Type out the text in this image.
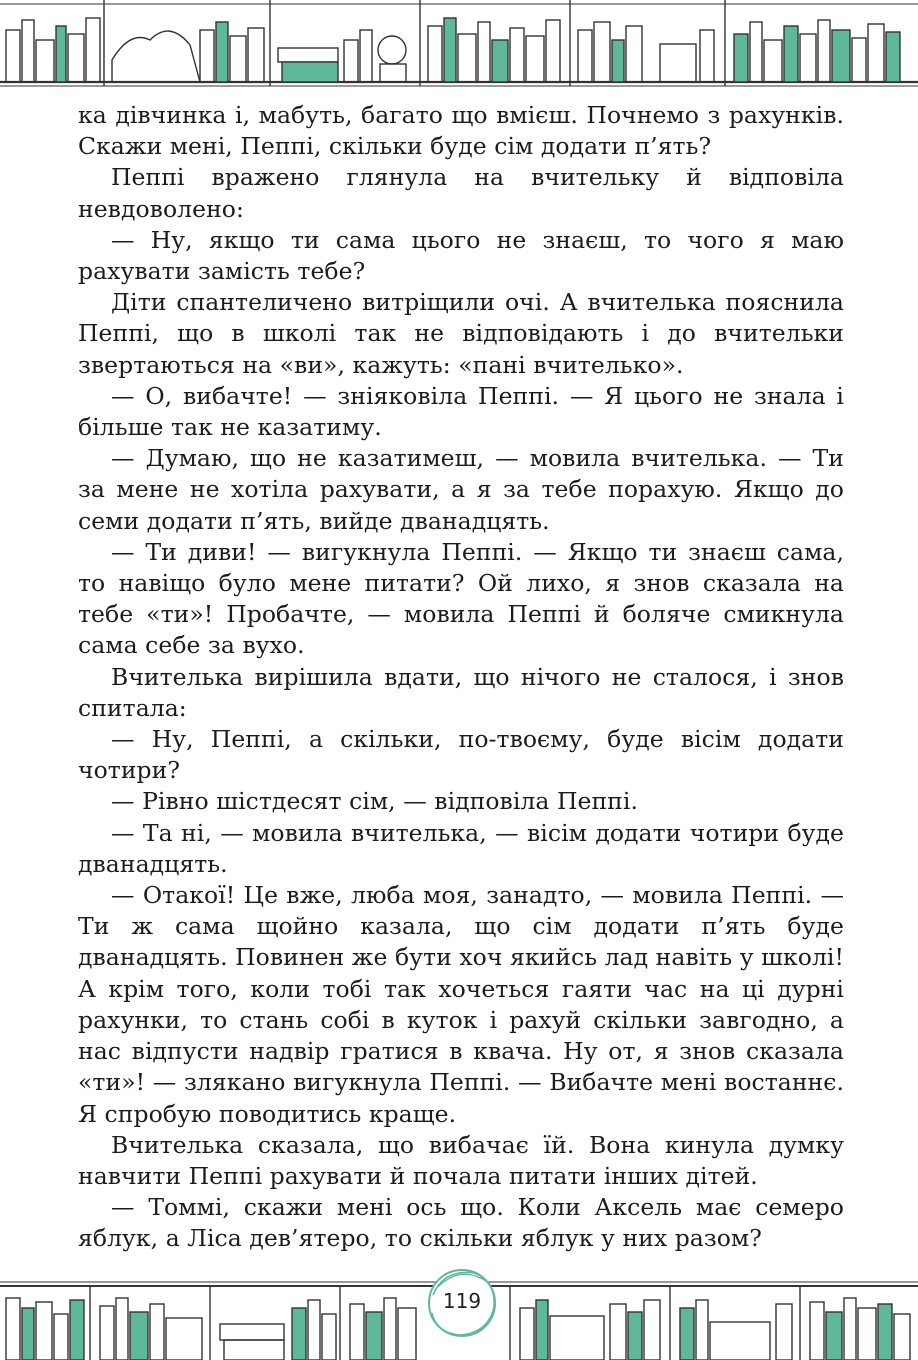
ка дівчинка і, мабуть, багато що вмієш. Почнемо з рахунків. Скажи мені, Пеппі, скільки буде сім додати п’ять?

Пеппі вражено глянула на вчительку й відповіла невдоволено:

— Ну, якщо ти сама цього не знаєш, то чого я маю рахувати замість тебе?

Діти спантеличено витріщили очі. А вчителька пояснила Пеппі, що в школі так не відповідають і до вчительки звертаються на «ви», кажуть: «пані вчителько».

— О, вибачте! — зніяковіла Пеппі. — Я цього не знала і більше так не казатиму.

— Думаю, що не казатимеш, — мовила вчителька. — Ти за мене не хотіла рахувати, а я за тебе порахую. Якщо до семи додати п’ять, вийде дванадцять.

— Ти диви! — вигукнула Пеппі. — Якщо ти знаєш сама, то навіщо було мене питати? Ой лихо, я знов сказала на тебе «ти»! Пробачте, — мовила Пеппі й боляче смикнула сама себе за вухо.

Вчителька вирішила вдати, що нічого не сталося, і знов спитала:

— Ну, Пеппі, а скільки, по-твоєму, буде вісім додати чотири?

— Рівно шістдесят сім, — відповіла Пеппі.

— Та ні, — мовила вчителька, — вісім додати чотири буде дванадцять.

— Отакої! Це вже, люба моя, занадто, — мовила Пеппі. — Ти ж сама щойно казала, що сім додати п’ять буде дванадцять. Повинен же бути хоч якийсь лад навіть у школі! А крім того, коли тобі так хочеться гаяти час на ці дурні рахунки, то стань собі в куток і рахуй скільки завгодно, а нас відпусти надвір гратися в квача. Ну от, я знов сказала «ти»! — злякано вигукнула Пеппі. — Вибачте мені востаннє. Я спробую поводитись краще.

Вчителька сказала, що вибачає їй. Вона кинула думку навчити Пеппі рахувати й почала питати інших дітей.

— Томмі, скажи мені ось що. Коли Аксель має семеро яблук, а Ліса дев’ятеро, то скільки яблук у них разом?

119
